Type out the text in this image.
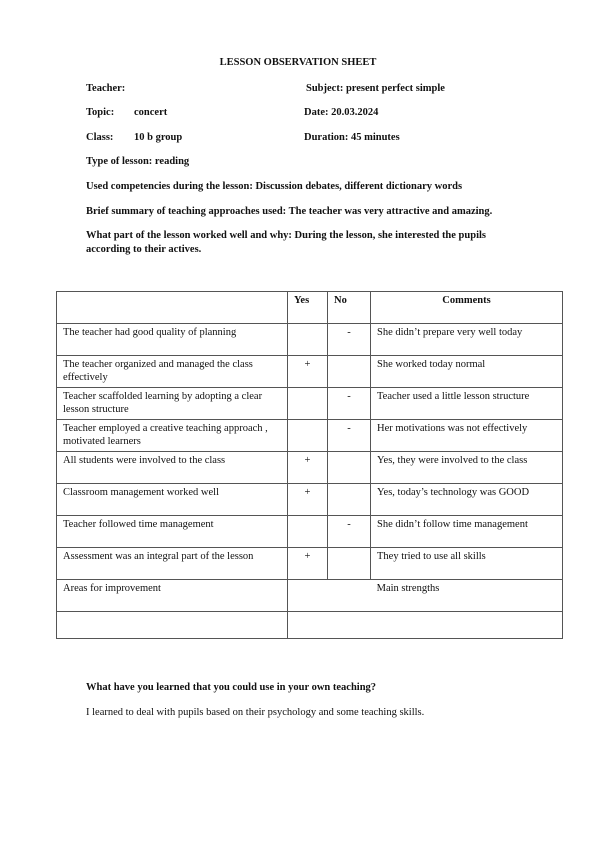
LESSON OBSERVATION SHEET
Teacher:	Subject: present perfect simple
Topic: concert	Date: 20.03.2024
Class: 10 b group	Duration: 45 minutes
Type of lesson: reading
Used competencies during the lesson: Discussion debates, different dictionary words
Brief summary of teaching approaches used: The teacher was very attractive and amazing.
What part of the lesson worked well and why: During the lesson, she interested the pupils according to their actives.
	Yes	No	Comments
The teacher had good quality of planning		-	She didn’t prepare very well today
The teacher organized and managed the class effectively	+		She worked today normal
Teacher scaffolded learning by adopting a clear lesson structure		-	Teacher used a little lesson structure
Teacher employed a creative teaching approach , motivated learners		-	Her motivations was not effectively
All students were involved to the class	+		Yes, they were involved to the class
Classroom management worked well	+		Yes, today’s technology was GOOD
Teacher followed time management		-	She didn’t follow time management
Assessment was an integral part of the lesson	+		They tried to use all skills
Areas for improvement	Main strengths		

What have you learned that you could use in your own teaching?
I learned to deal with pupils based on their psychology and some teaching skills.
